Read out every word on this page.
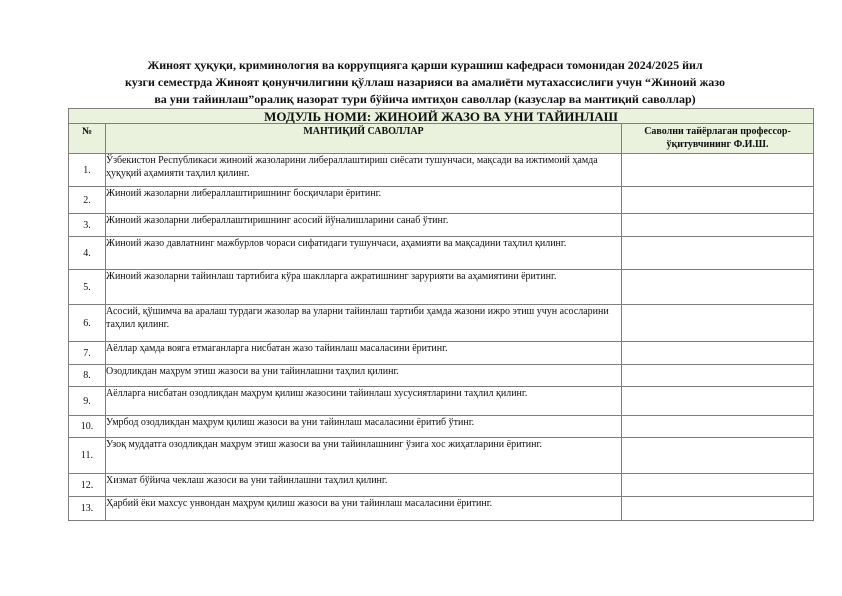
Жиноят ҳуқуқи, криминология ва коррупцияга қарши курашиш кафедраси томонидан 2024/2025 йил
кузги семестрда Жиноят қонунчилигини қўллаш назарияси ва амалиёти мутахассислиги учун “Жиноий жазо
ва уни тайинлаш”оралиқ назорат тури бўйича имтиҳон саволлар (казуслар ва мантиқий саволлар)
МОДУЛЬ НОМИ: ЖИНОИЙ ЖАЗО ВА УНИ ТАЙИНЛАШ		
№	МАНТИҚИЙ САВОЛЛАР	Саволни тайёрлаган профессор-
ўқитувчининг Ф.И.Ш.

1.	Ўзбекистон Республикаси жиноий жазоларини либераллаштириш сиёсати тушунчаси, мақсади ва ижтимоий ҳамда ҳуқуқий аҳамияти таҳлил қилинг.	
2.	Жиноий жазоларни либераллаштиришнинг босқичлари ёритинг.	
3.	Жиноий жазоларни либераллаштиришнинг асосий йўналишларини санаб ўтинг.	
4.	Жиноий жазо давлатнинг мажбурлов чораси сифатидаги тушунчаси, аҳамияти ва мақсадини таҳлил қилинг.	
5.	Жиноий жазоларни тайинлаш тартибига кўра шаклларга ажратишнинг зарурияти ва аҳамиятини ёритинг.	
6.	Асосий, қўшимча ва аралаш турдаги жазолар ва уларни тайинлаш тартиби ҳамда жазони ижро этиш учун асосларини таҳлил қилинг.	
7.	Аёллар ҳамда вояга етмаганларга нисбатан жазо тайинлаш масаласини ёритинг.	
8.	Озодликдан маҳрум этиш жазоси ва уни тайинлашни таҳлил қилинг.	
9.	Аёлларга нисбатан озодликдан маҳрум қилиш жазосини тайинлаш хусусиятларини таҳлил қилинг.	
10.	Умрбод озодликдан маҳрум қилиш жазоси ва уни тайинлаш масаласини ёритиб ўтинг.	
11.	Узоқ муддатга озодликдан маҳрум этиш жазоси ва уни тайинлашнинг ўзига хос жиҳатларини ёритинг.	
12.	Хизмат бўйича чеклаш жазоси ва уни тайинлашни таҳлил қилинг.	
13.	Ҳарбий ёки махсус унвондан маҳрум қилиш жазоси ва уни тайинлаш масаласини ёритинг.	
